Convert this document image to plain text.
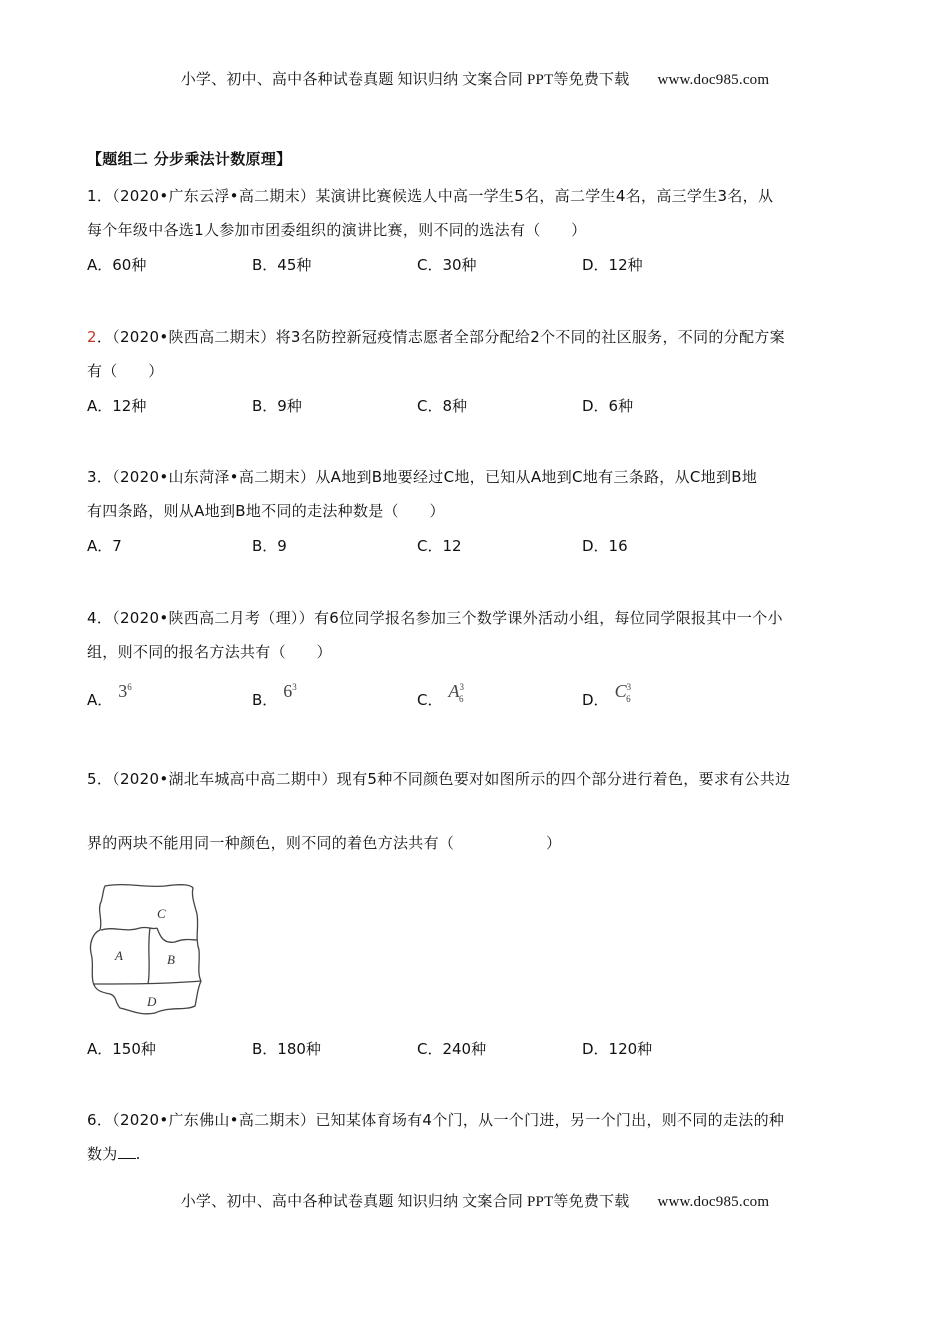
小学、初中、高中各种试卷真题 知识归纳 文案合同 PPT等免费下载 www.doc985.com
【题组二 分步乘法计数原理】
1．（2020•广东云浮•高二期末）某演讲比赛候选人中高一学生5名，高二学生4名，高三学生3名，从
每个年级中各选1人参加市团委组织的演讲比赛，则不同的选法有（　　）
A．60种	B．45种	C．30种	D．12种
2．（2020•陕西高二期末）将3名防控新冠疫情志愿者全部分配给2个不同的社区服务，不同的分配方案
有（　　）
A．12种	B．9种	C．8种	D．6种
3．（2020•山东菏泽•高二期末）从A地到B地要经过C地，已知从A地到C地有三条路，从C地到B地
有四条路，则从A地到B地不同的走法种数是（　　）
A．7	B．9	C．12	D．16
4．（2020•陕西高二月考（理））有6位同学报名参加三个数学课外活动小组，每位同学限报其中一个小
组，则不同的报名方法共有（　　）
A． $3^6$
B． $6^3$
C． $A^3_6$	D． $C^3_6$
5．（2020•湖北车城高中高二期中）现有5种不同颜色要对如图所示的四个部分进行着色，要求有公共边
界的两块不能用同一种颜色，则不同的着色方法共有（　　　　　　）
C
A	B
D
A．150种	B．180种	C．240种	D．120种
6．（2020•广东佛山•高二期末）已知某体育场有4个门，从一个门进，另一个门出，则不同的走法的种
数为 .
小学、初中、高中各种试卷真题 知识归纳 文案合同 PPT等免费下载 www.doc985.com
